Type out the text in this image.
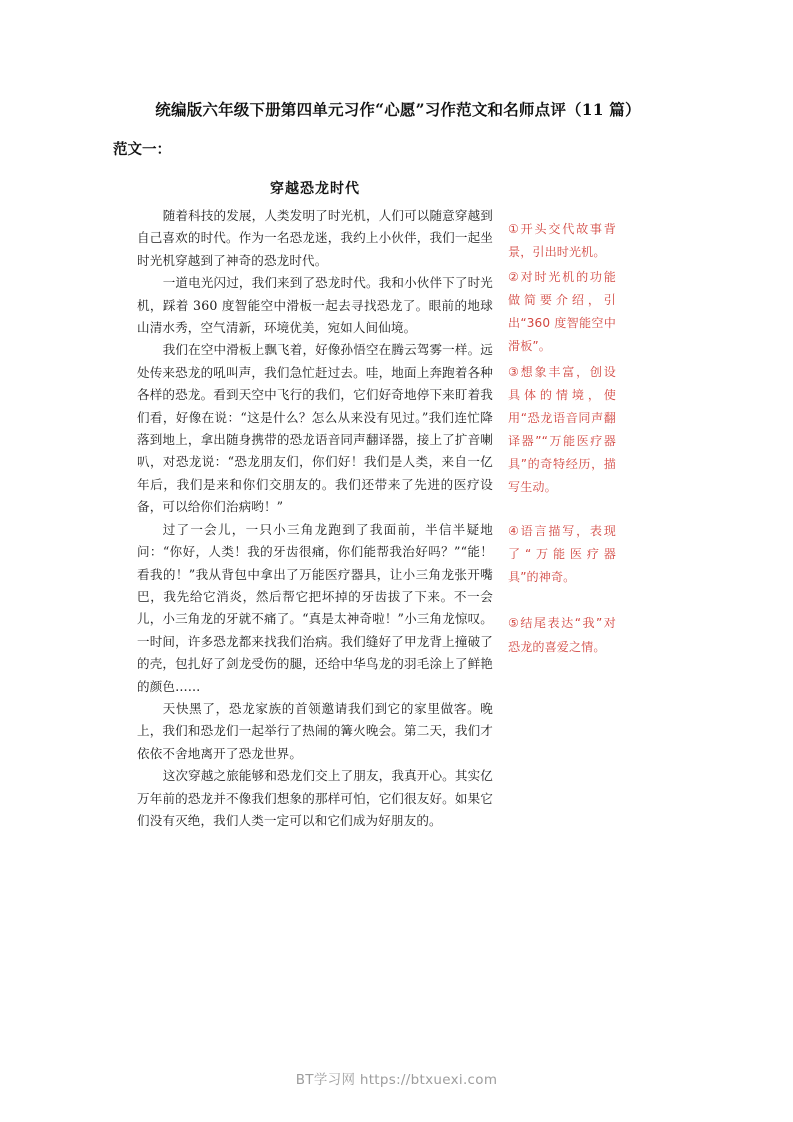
统编版六年级下册第四单元习作“心愿”习作范文和名师点评（11 篇）
范文一：
穿越恐龙时代

随着科技的发展，人类发明了时光机，人们可以随意穿越到自己喜欢的时代。作为一名恐龙迷，我约上小伙伴，我们一起坐时光机穿越到了神奇的恐龙时代。

一道电光闪过，我们来到了恐龙时代。我和小伙伴下了时光机，踩着 360 度智能空中滑板一起去寻找恐龙了。眼前的地球山清水秀，空气清新，环境优美，宛如人间仙境。

我们在空中滑板上飘飞着，好像孙悟空在腾云驾雾一样。远处传来恐龙的吼叫声，我们急忙赶过去。哇，地面上奔跑着各种各样的恐龙。看到天空中飞行的我们，它们好奇地停下来盯着我们看，好像在说：“这是什么？怎么从来没有见过。”我们连忙降落到地上，拿出随身携带的恐龙语音同声翻译器，接上了扩音喇叭，对恐龙说：“恐龙朋友们，你们好！我们是人类，来自一亿年后，我们是来和你们交朋友的。我们还带来了先进的医疗设备，可以给你们治病哟！”

过了一会儿，一只小三角龙跑到了我面前，半信半疑地问：“你好，人类！我的牙齿很痛，你们能帮我治好吗？”“能！看我的！”我从背包中拿出了万能医疗器具，让小三角龙张开嘴巴，我先给它消炎，然后帮它把坏掉的牙齿拔了下来。不一会儿，小三角龙的牙就不痛了。“真是太神奇啦！”小三角龙惊叹。一时间，许多恐龙都来找我们治病。我们缝好了甲龙背上撞破了的壳，包扎好了剑龙受伤的腿，还给中华鸟龙的羽毛涂上了鲜艳的颜色……

天快黑了，恐龙家族的首领邀请我们到它的家里做客。晚上，我们和恐龙们一起举行了热闹的篝火晚会。第二天，我们才依依不舍地离开了恐龙世界。

这次穿越之旅能够和恐龙们交上了朋友，我真开心。其实亿万年前的恐龙并不像我们想象的那样可怕，它们很友好。如果它们没有灭绝，我们人类一定可以和它们成为好朋友的。

①开头交代故事背景，引出时光机。

②对时光机的功能做简要介绍，引出“360 度智能空中滑板”。

③想象丰富，创设具体的情境，使用“恐龙语音同声翻译器”“万能医疗器具”的奇特经历，描写生动。

④语言描写，表现了“万能医疗器具”的神奇。

⑤结尾表达“我”对恐龙的喜爱之情。

BT学习网 https://btxuexi.com
